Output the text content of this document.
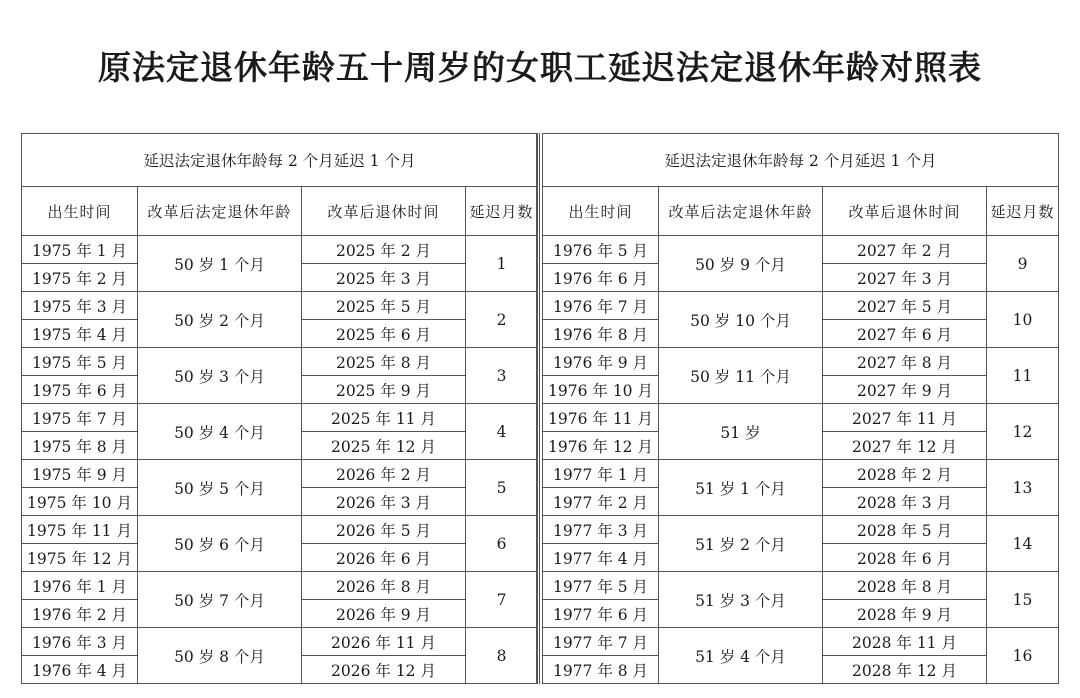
原法定退休年龄五十周岁的女职工延迟法定退休年龄对照表
延迟法定退休年龄每 2 个月延迟 1 个月			
出生时间	改革后法定退休年龄	改革后退休时间	延迟月数
1975 年 1 月	50 岁 1 个月	2025 年 2 月	1
1975 年 2 月		2025 年 3 月	
1975 年 3 月	50 岁 2 个月	2025 年 5 月	2
1975 年 4 月		2025 年 6 月	
1975 年 5 月	50 岁 3 个月	2025 年 8 月	3
1975 年 6 月		2025 年 9 月	
1975 年 7 月	50 岁 4 个月	2025 年 11 月	4
1975 年 8 月		2025 年 12 月	
1975 年 9 月	50 岁 5 个月	2026 年 2 月	5
1975 年 10 月		2026 年 3 月	
1975 年 11 月	50 岁 6 个月	2026 年 5 月	6
1975 年 12 月		2026 年 6 月	
1976 年 1 月	50 岁 7 个月	2026 年 8 月	7
1976 年 2 月		2026 年 9 月	
1976 年 3 月	50 岁 8 个月	2026 年 11 月	8
1976 年 4 月		2026 年 12 月	
延迟法定退休年龄每 2 个月延迟 1 个月			
出生时间	改革后法定退休年龄	改革后退休时间	延迟月数
1976 年 5 月	50 岁 9 个月	2027 年 2 月	9
1976 年 6 月		2027 年 3 月	
1976 年 7 月	50 岁 10 个月	2027 年 5 月	10
1976 年 8 月		2027 年 6 月	
1976 年 9 月	50 岁 11 个月	2027 年 8 月	11
1976 年 10 月		2027 年 9 月	
1976 年 11 月	51 岁	2027 年 11 月	12
1976 年 12 月		2027 年 12 月	
1977 年 1 月	51 岁 1 个月	2028 年 2 月	13
1977 年 2 月		2028 年 3 月	
1977 年 3 月	51 岁 2 个月	2028 年 5 月	14
1977 年 4 月		2028 年 6 月	
1977 年 5 月	51 岁 3 个月	2028 年 8 月	15
1977 年 6 月		2028 年 9 月	
1977 年 7 月	51 岁 4 个月	2028 年 11 月	16
1977 年 8 月		2028 年 12 月	
